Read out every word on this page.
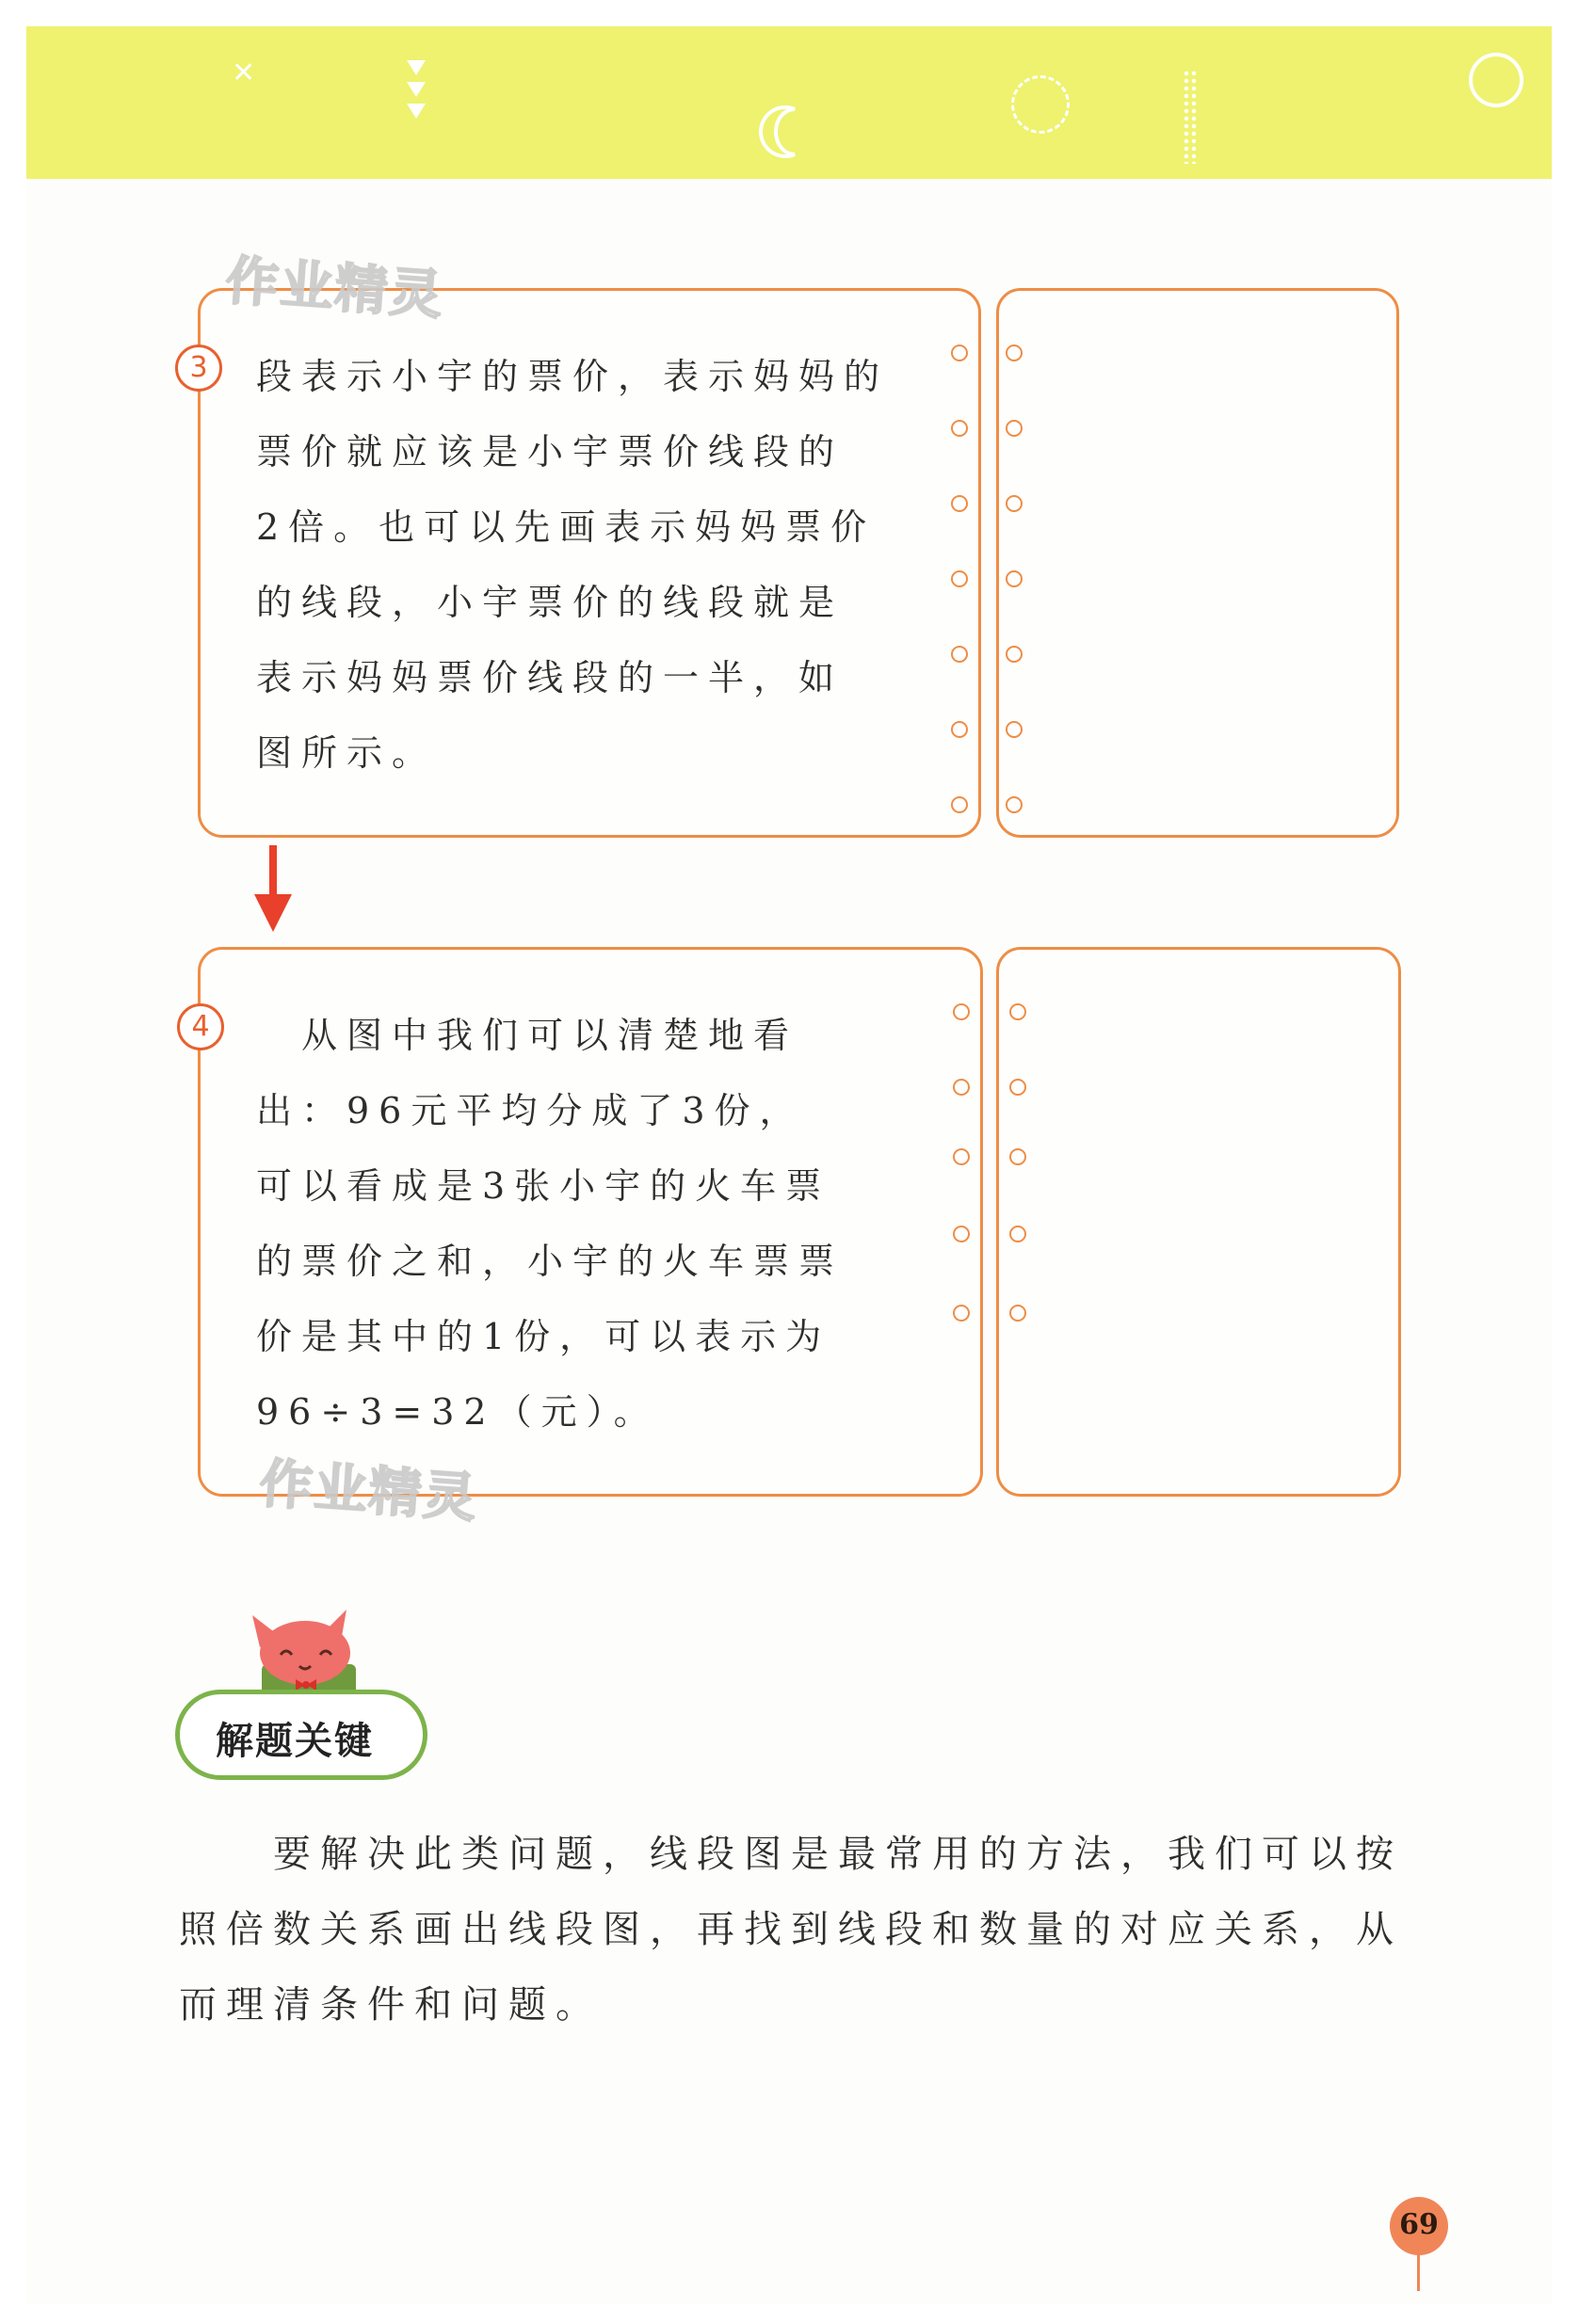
✕
3	段表示小宇的票价，表示妈妈的
票价就应该是小宇票价线段的
2倍。也可以先画表示妈妈票价
的线段，小宇票价的线段就是
表示妈妈票价线段的一半，如
图所示。
作业精灵
4	　从图中我们可以清楚地看
出：96元平均分成了3份，
可以看成是3张小宇的火车票
的票价之和，小宇的火车票票
价是其中的1份，可以表示为
96÷3=32（元）。
作业精灵
解题关键
　　要解决此类问题，线段图是最常用的方法，我们可以按
照倍数关系画出线段图，再找到线段和数量的对应关系，从
而理清条件和问题。
69
